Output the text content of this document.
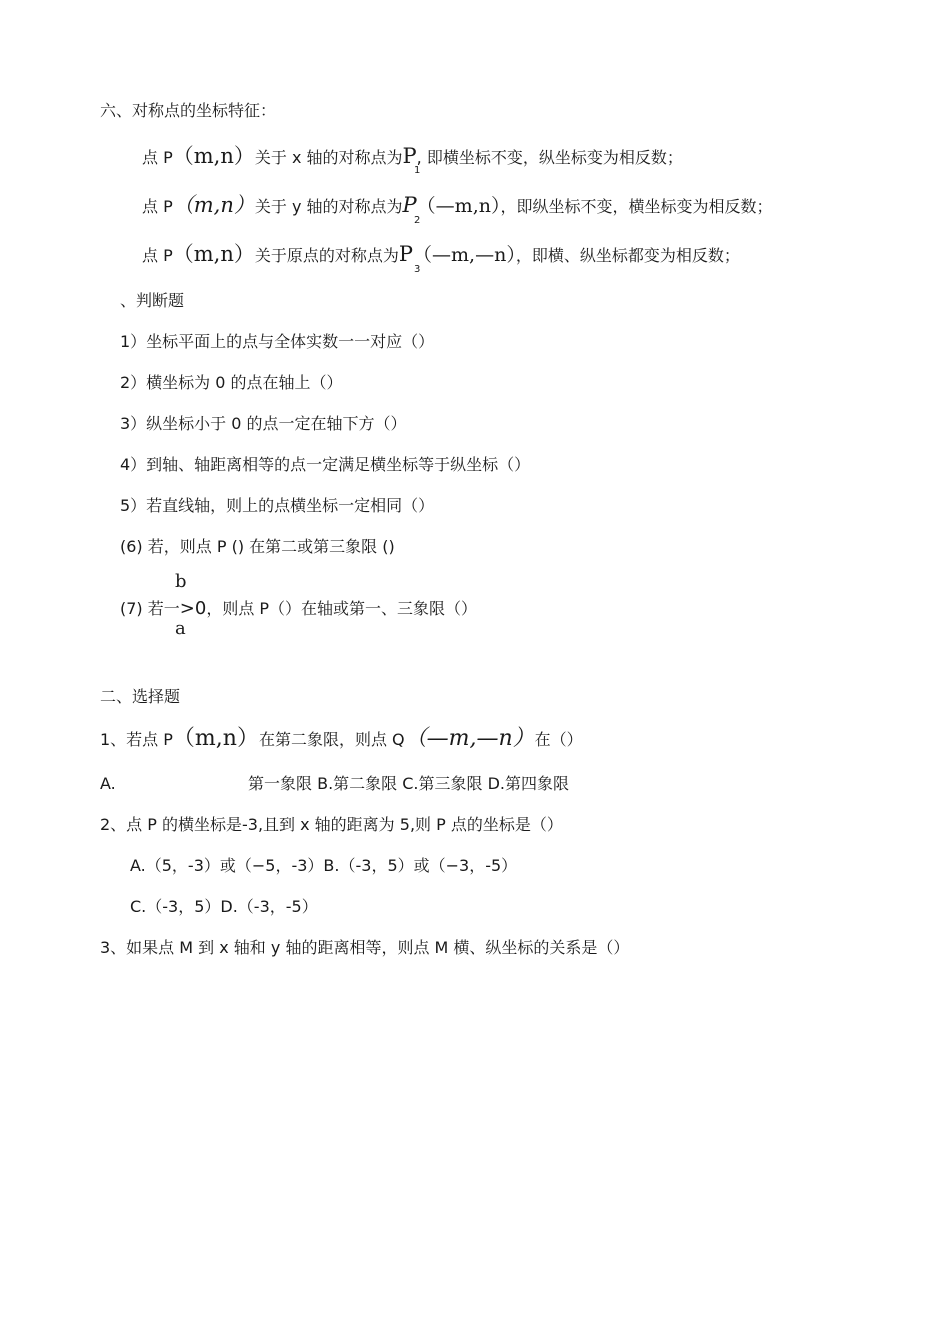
六、对称点的坐标特征：
点 P（m,n）关于 x 轴的对称点为P, 即横坐标不变，纵坐标变为相反数；
1
点 P（m,n）关于 y 轴的对称点为P（—m,n），即纵坐标不变，横坐标变为相反数；
2
点 P（m,n）关于原点的对称点为P（—m,—n），即横、纵坐标都变为相反数；
3
、判断题
1）坐标平面上的点与全体实数一一对应（）
2）横坐标为 0 的点在轴上（）
3）纵坐标小于 0 的点一定在轴下方（）
4）到轴、轴距离相等的点一定满足横坐标等于纵坐标（）
5）若直线轴，则上的点横坐标一定相同（）
(6) 若，则点 P () 在第二或第三象限 ()
b
(7) 若一>0，则点 P（）在轴或第一、三象限（）
a
二、选择题
1、若点 P（m,n）在第二象限，则点 Q（—m,—n）在（）
A.	第一象限 B.第二象限 C.第三象限 D.第四象限
2、点 P 的横坐标是-3,且到 x 轴的距离为 5,则 P 点的坐标是（）
A.（5，-3）或（−5，-3）B.（-3，5）或（−3，-5）
C.（-3，5）D.（-3，-5）
3、如果点 M 到 x 轴和 y 轴的距离相等，则点 M 横、纵坐标的关系是（）
